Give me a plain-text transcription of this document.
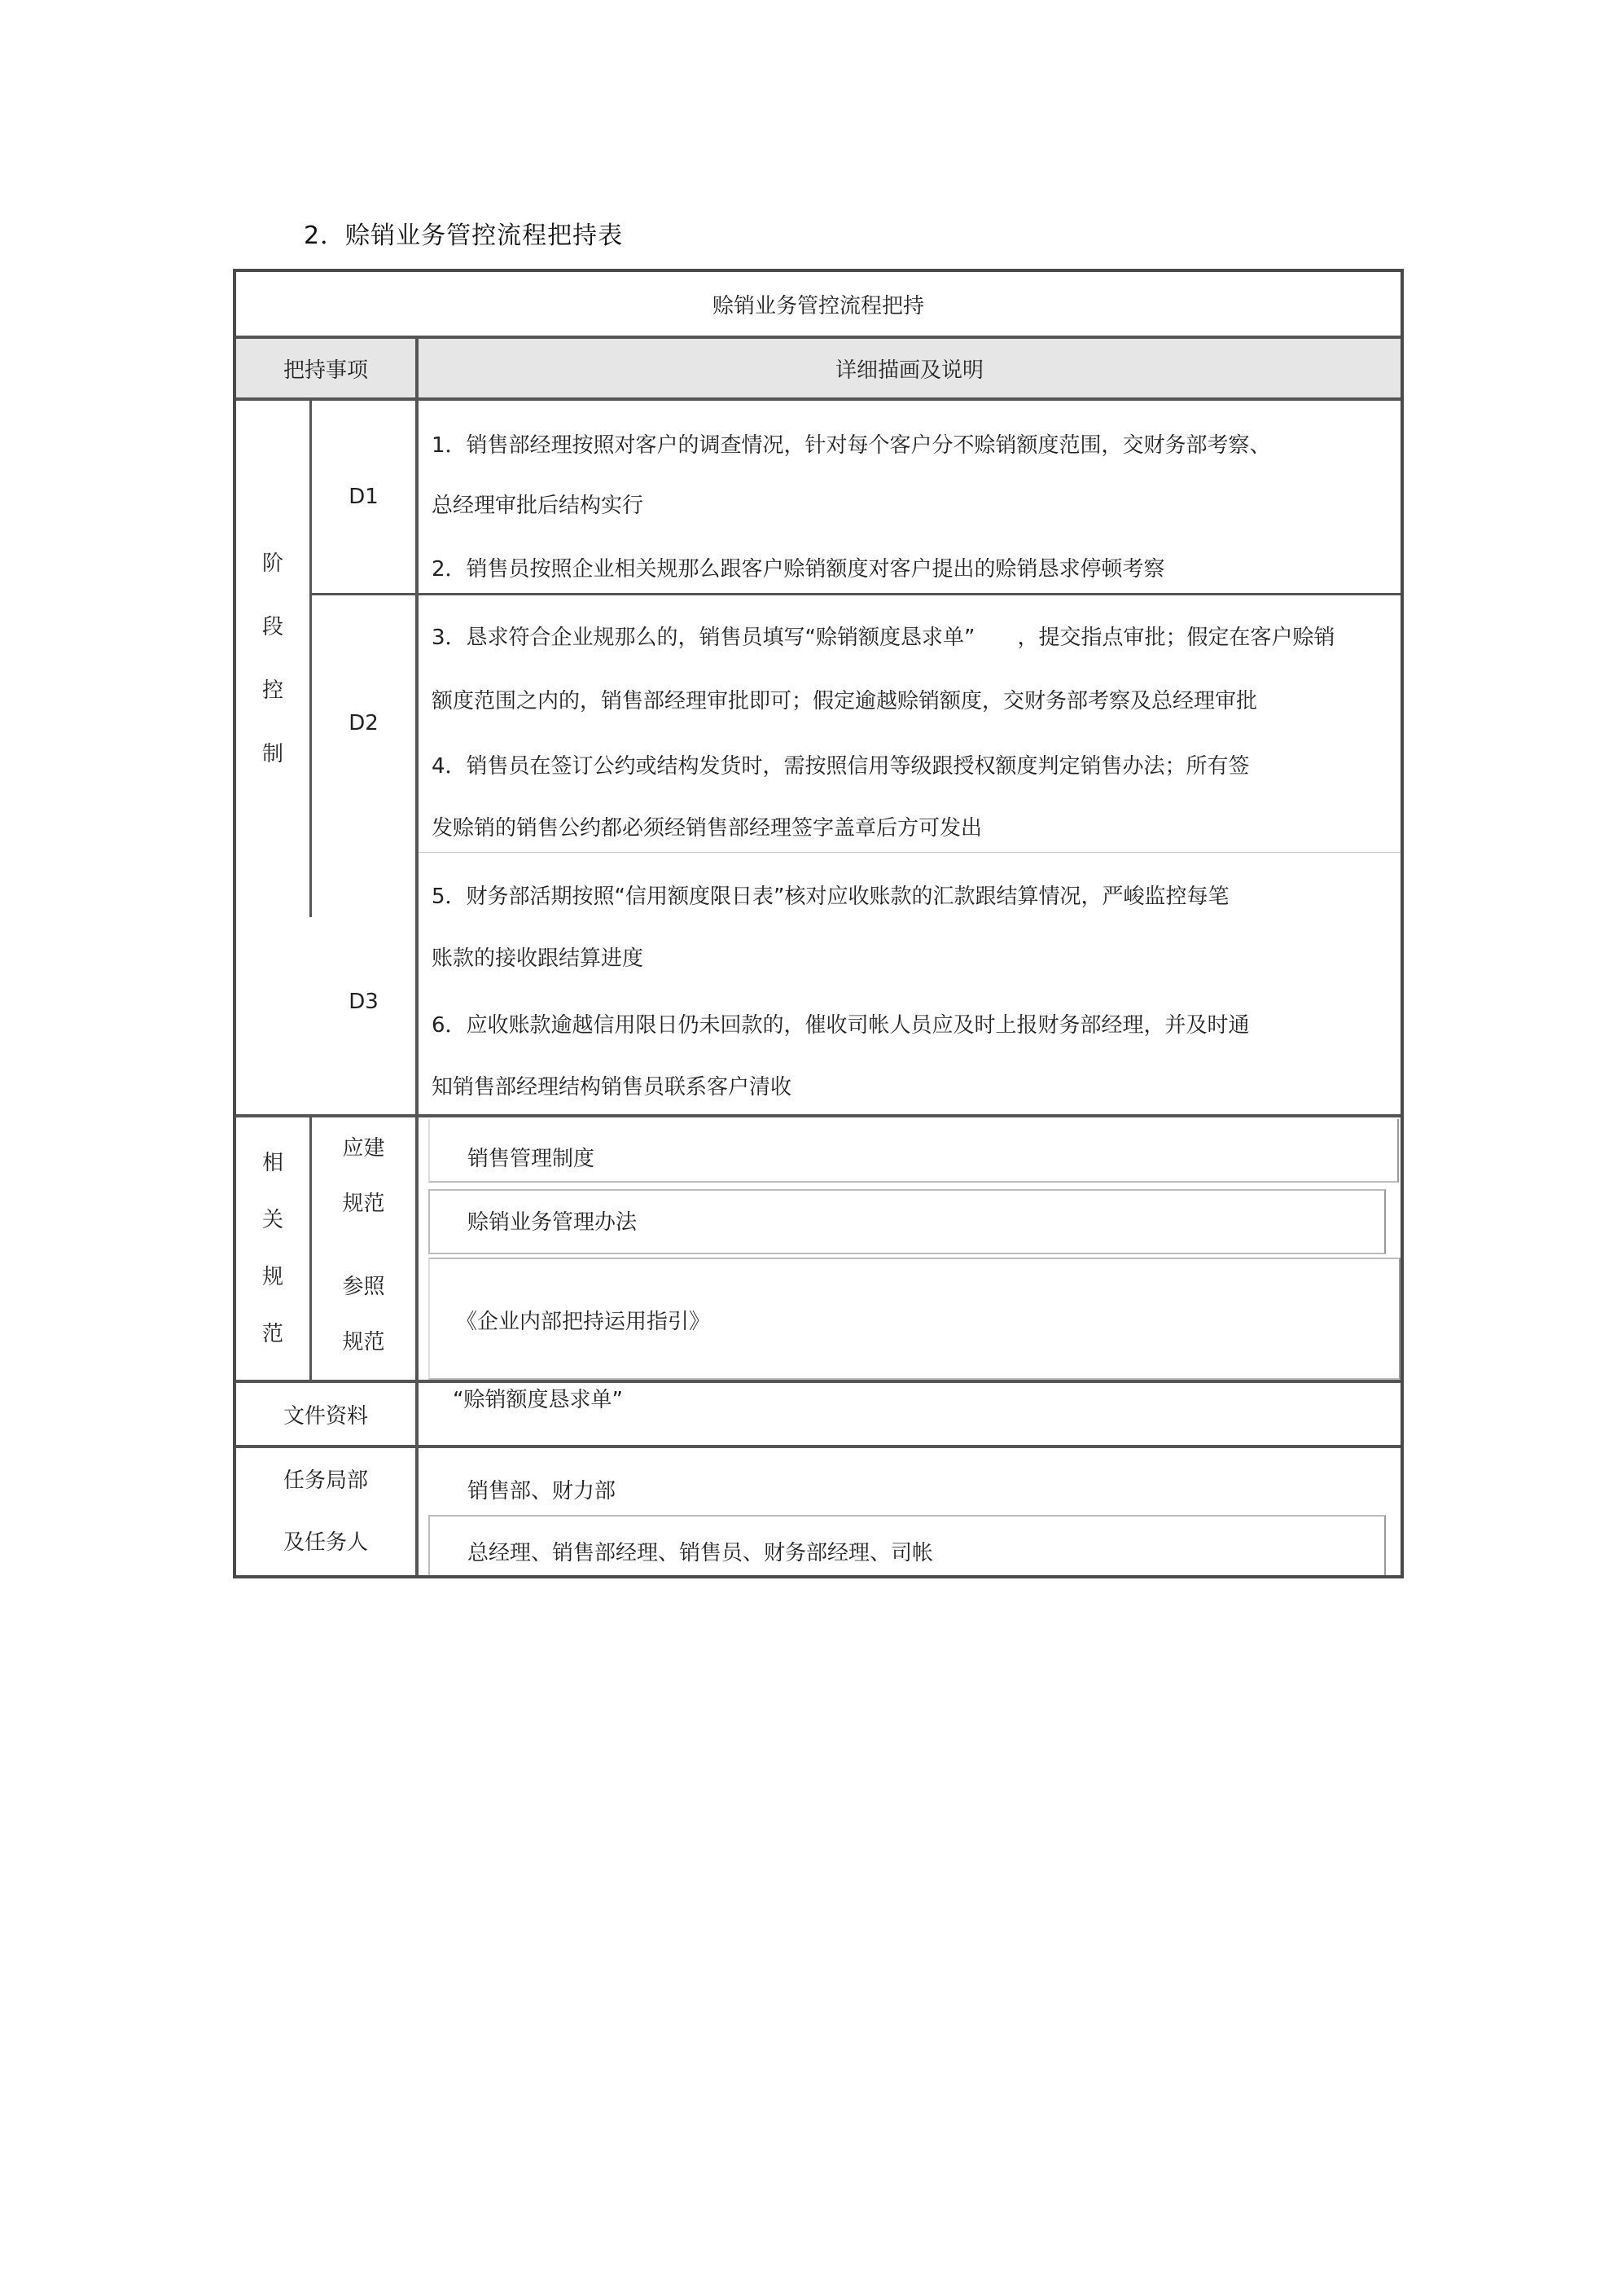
2．赊销业务管控流程把持表
赊销业务管控流程把持
把持事项	详细描画及说明
阶
段
控
制
D1
1．销售部经理按照对客户的调查情况，针对每个客户分不赊销额度范围，交财务部考察、
总经理审批后结构实行
2．销售员按照企业相关规那么跟客户赊销额度对客户提出的赊销恳求停顿考察
D2
3．恳求符合企业规那么的，销售员填写“赊销额度恳求单”　　，提交指点审批；假定在客户赊销
额度范围之内的，销售部经理审批即可；假定逾越赊销额度，交财务部考察及总经理审批
4．销售员在签订公约或结构发货时，需按照信用等级跟授权额度判定销售办法；所有签
发赊销的销售公约都必须经销售部经理签字盖章后方可发出
D3
5．财务部活期按照“信用额度限日表”核对应收账款的汇款跟结算情况，严峻监控每笔
账款的接收跟结算进度
6．应收账款逾越信用限日仍未回款的，催收司帐人员应及时上报财务部经理，并及时通
知销售部经理结构销售员联系客户清收
相
关
规
范
应建
规范
销售管理制度
赊销业务管理办法
参照
规范
《企业内部把持运用指引》
文件资料
“赊销额度恳求单”
任务局部
及任务人
销售部、财力部
总经理、销售部经理、销售员、财务部经理、司帐
